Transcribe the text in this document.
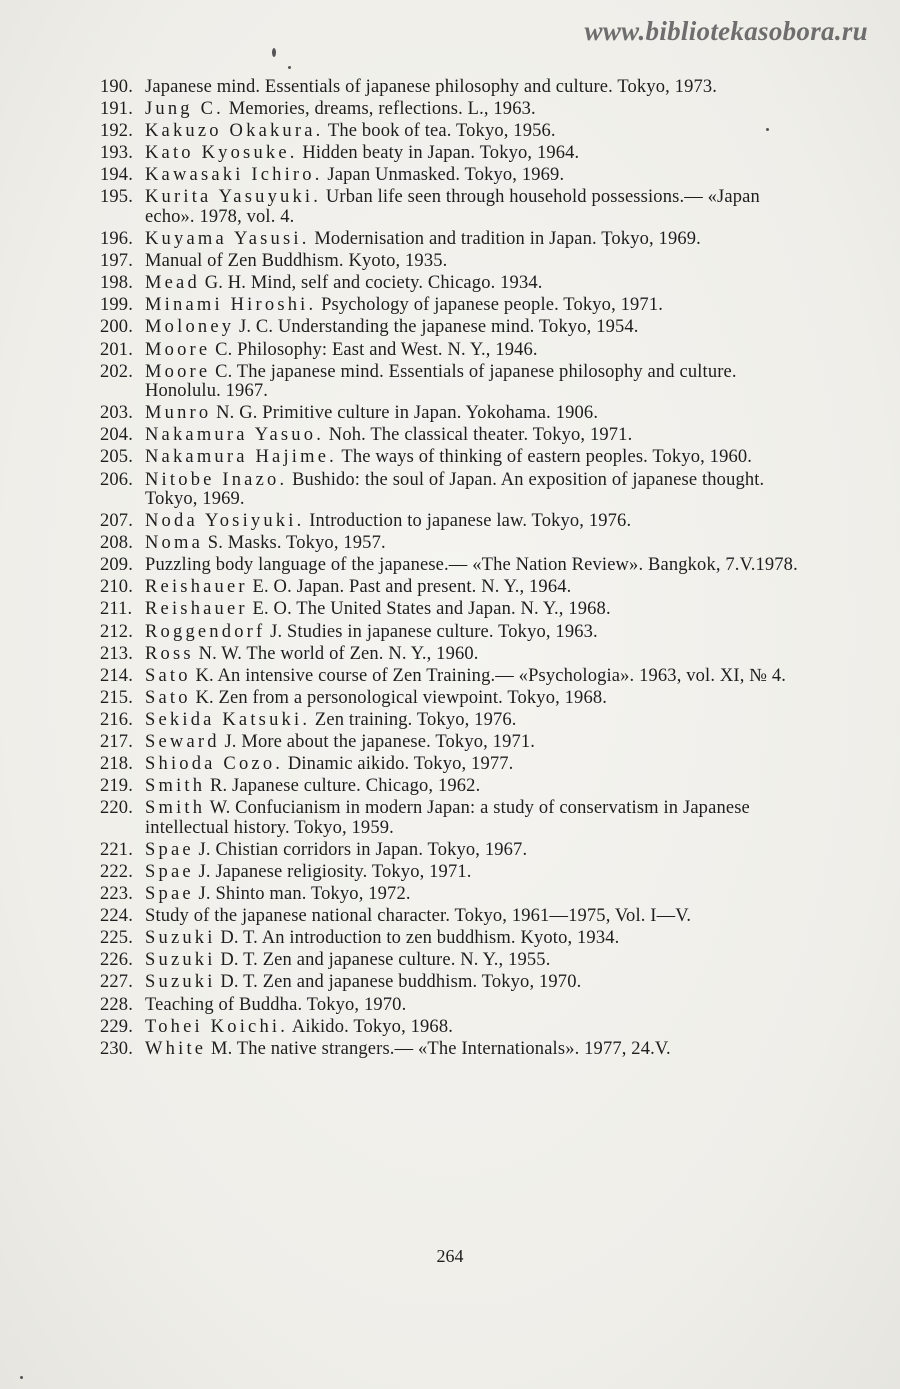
www.bibliotekasobora.ru
190. Japanese mind. Essentials of japanese philosophy and culture. Tokyo, 1973.
191. Jung C. Memories, dreams, reflections. L., 1963.
192. Kakuzo Okakura. The book of tea. Tokyo, 1956.
193. Kato Kyosuke. Hidden beaty in Japan. Tokyo, 1964.
194. Kawasaki Ichiro. Japan Unmasked. Tokyo, 1969.
195. Kurita Yasuyuki. Urban life seen through household possessions.— «Japan echo». 1978, vol. 4.
196. Kuyama Yasusi. Modernisation and tradition in Japan. Tokyo, 1969.
197. Manual of Zen Buddhism. Kyoto, 1935.
198. Mead G. H. Mind, self and cociety. Chicago. 1934.
199. Minami Hiroshi. Psychology of japanese people. Tokyo, 1971.
200. Moloney J. C. Understanding the japanese mind. Tokyo, 1954.
201. Moore C. Philosophy: East and West. N. Y., 1946.
202. Moore C. The japanese mind. Essentials of japanese philosophy and culture. Honolulu. 1967.
203. Munro N. G. Primitive culture in Japan. Yokohama. 1906.
204. Nakamura Yasuo. Noh. The classical theater. Tokyo, 1971.
205. Nakamura Hajime. The ways of thinking of eastern peoples. Tokyo, 1960.
206. Nitobe Inazo. Bushido: the soul of Japan. An exposition of japanese thought. Tokyo, 1969.
207. Noda Yosiyuki. Introduction to japanese law. Tokyo, 1976.
208. Noma S. Masks. Tokyo, 1957.
209. Puzzling body language of the japanese.— «The Nation Review». Bangkok, 7.V.1978.
210. Reishauer E. O. Japan. Past and present. N. Y., 1964.
211. Reishauer E. O. The United States and Japan. N. Y., 1968.
212. Roggendorf J. Studies in japanese culture. Tokyo, 1963.
213. Ross N. W. The world of Zen. N. Y., 1960.
214. Sato K. An intensive course of Zen Training.— «Psychologia». 1963, vol. XI, № 4.
215. Sato K. Zen from a personological viewpoint. Tokyo, 1968.
216. Sekida Katsuki. Zen training. Tokyo, 1976.
217. Seward J. More about the japanese. Tokyo, 1971.
218. Shioda Cozo. Dinamic aikido. Tokyo, 1977.
219. Smith R. Japanese culture. Chicago, 1962.
220. Smith W. Confucianism in modern Japan: a study of conservatism in Japanese intellectual history. Tokyo, 1959.
221. Spae J. Chistian corridors in Japan. Tokyo, 1967.
222. Spae J. Japanese religiosity. Tokyo, 1971.
223. Spae J. Shinto man. Tokyo, 1972.
224. Study of the japanese national character. Tokyo, 1961—1975, Vol. I—V.
225. Suzuki D. T. An introduction to zen buddhism. Kyoto, 1934.
226. Suzuki D. T. Zen and japanese culture. N. Y., 1955.
227. Suzuki D. T. Zen and japanese buddhism. Tokyo, 1970.
228. Teaching of Buddha. Tokyo, 1970.
229. Tohei Koichi. Aikido. Tokyo, 1968.
230. White M. The native strangers.— «The Internationals». 1977, 24.V.
264
